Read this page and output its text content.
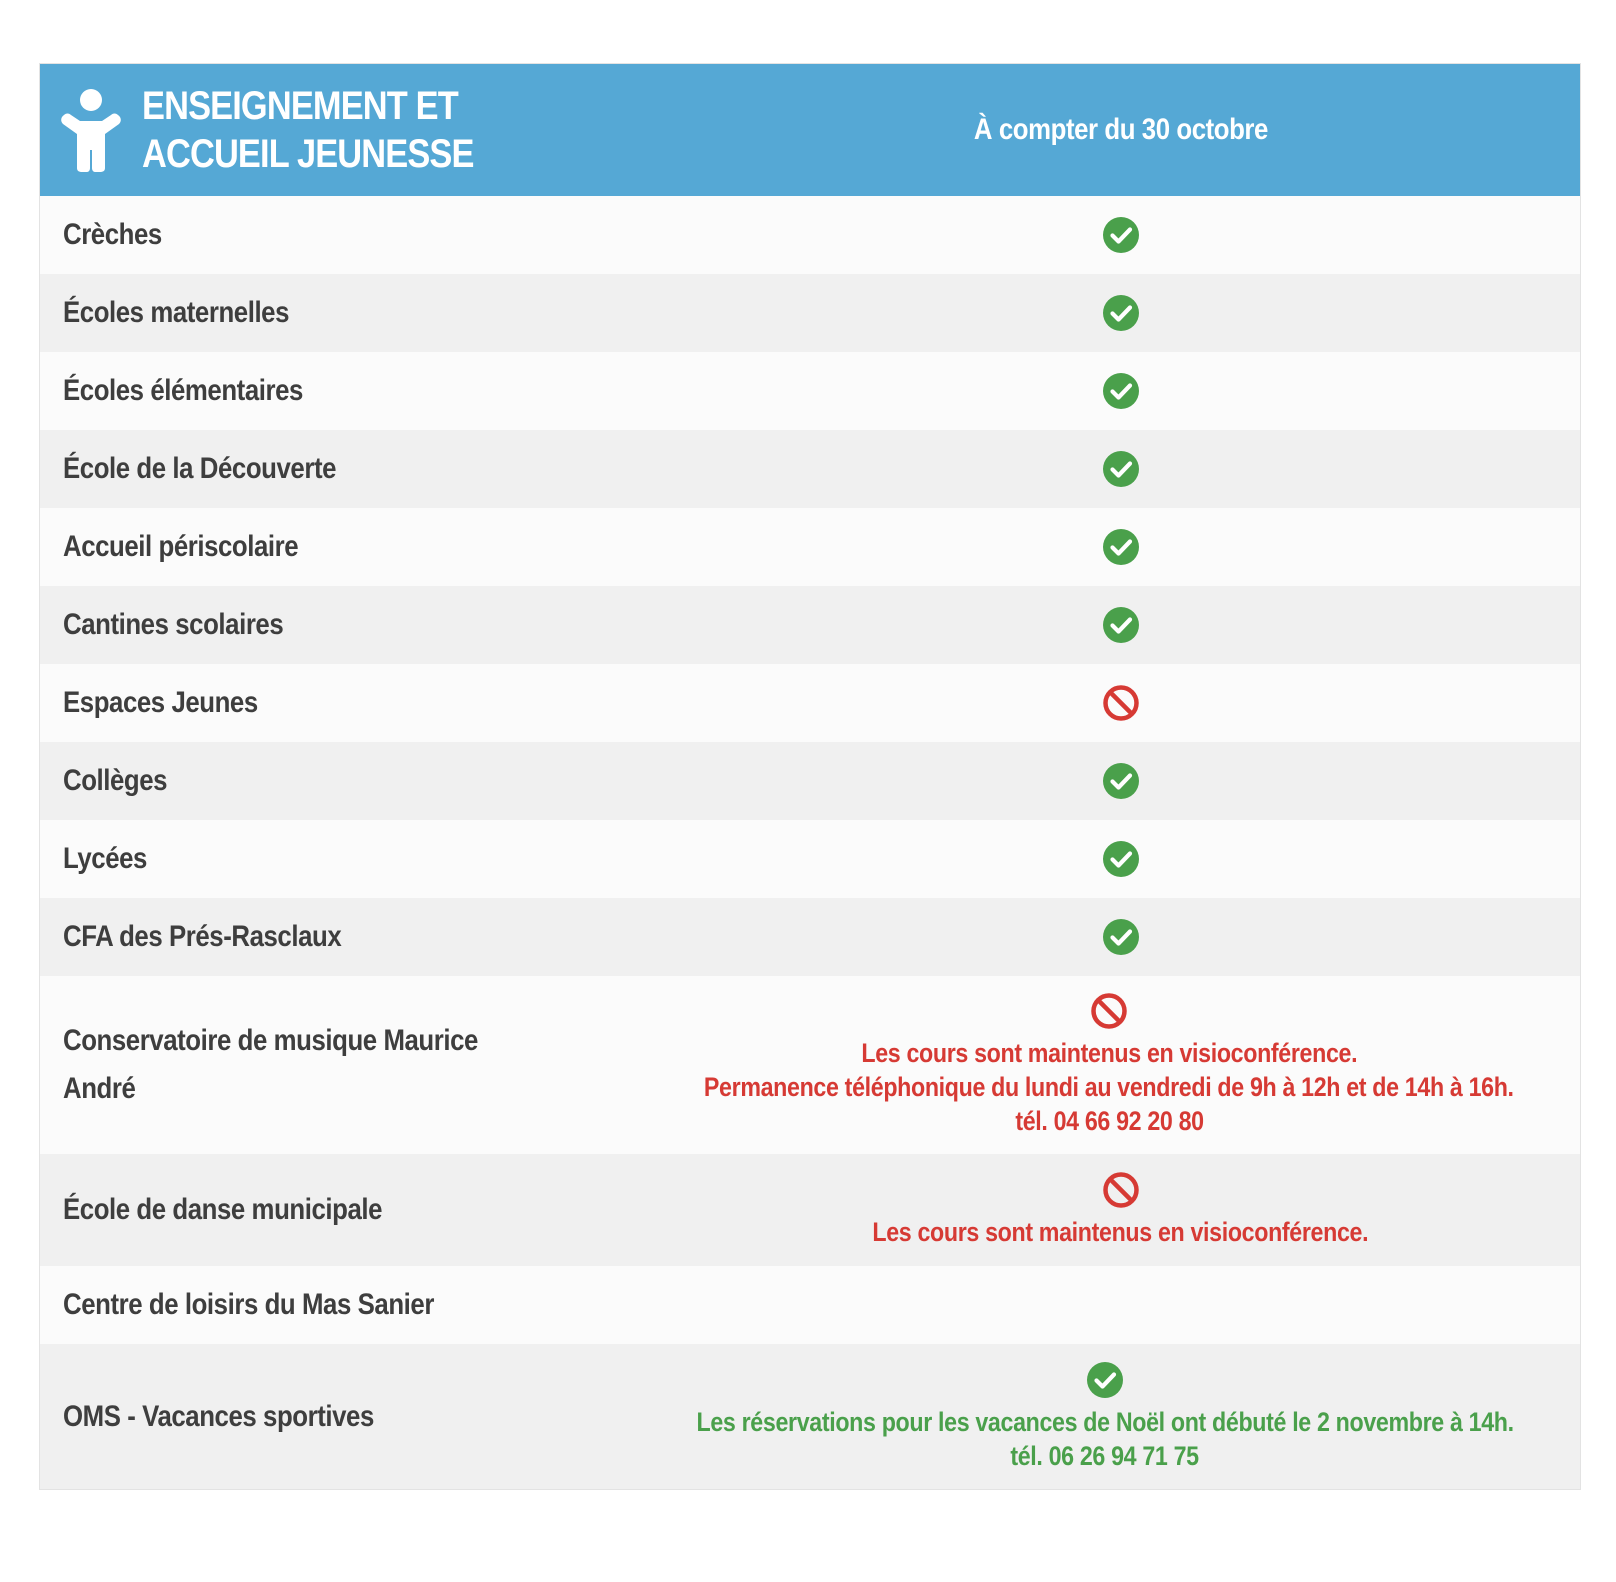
ENSEIGNEMENT ET
ACCUEIL JEUNESSE
À compter du 30 octobre
Crèches
Écoles maternelles
Écoles élémentaires
École de la Découverte
Accueil périscolaire
Cantines scolaires
Espaces Jeunes
Collèges
Lycées
CFA des Prés-Rasclaux
Conservatoire de musique Maurice
André
Les cours sont maintenus en visioconférence.
Permanence téléphonique du lundi au vendredi de 9h à 12h et de 14h à 16h.
tél. 04 66 92 20 80
École de danse municipale
Les cours sont maintenus en visioconférence.
Centre de loisirs du Mas Sanier
OMS - Vacances sportives	Les réservations pour les vacances de Noël ont débuté le 2 novembre à 14h.
tél. 06 26 94 71 75
